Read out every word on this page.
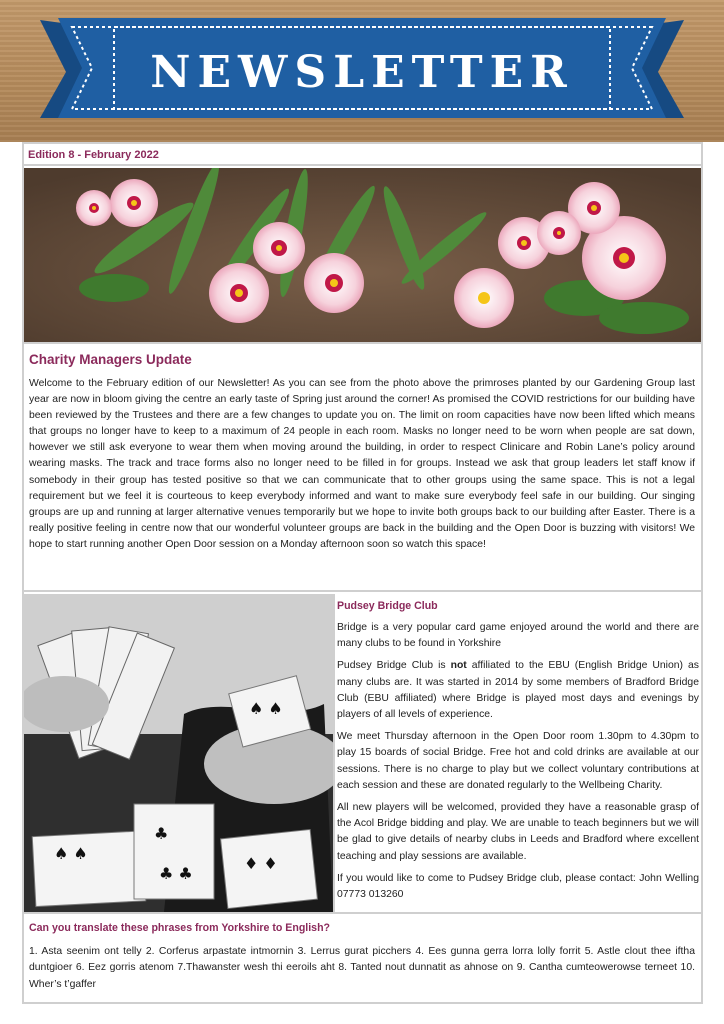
NEWSLETTER
Edition 8 - February 2022
Charity Managers Update

Welcome to the February edition of our Newsletter! As you can see from the photo above the primroses planted by our Gardening Group last year are now in bloom giving the centre an early taste of Spring just around the corner! As promised the COVID restrictions for our building have been reviewed by the Trustees and there are a few changes to update you on. The limit on room capacities have now been lifted which means that groups no longer have to keep to a maximum of 24 people in each room. Masks no longer need to be worn when people are sat down, however we still ask everyone to wear them when moving around the building, in order to respect Clinicare and Robin Lane’s policy around wearing masks. The track and trace forms also no longer need to be filled in for groups. Instead we ask that group leaders let staff know if somebody in their group has tested positive so that we can communicate that to other groups using the same space. This is not a legal requirement but we feel it is courteous to keep everybody informed and want to make sure everybody feel safe in our building. Our singing groups are up and running at larger alternative venues temporarily but we hope to invite both groups back to our building after Easter. There is a really positive feeling in centre now that our wonderful volunteer groups are back in the building and the Open Door is buzzing with visitors! We hope to start running another Open Door session on a Monday afternoon soon so watch this space!

♠ ♠
♣
♣ ♣
♦ ♦
♠ ♠
Pudsey Bridge Club

Bridge is a very popular card game enjoyed around the world and there are many clubs to be found in Yorkshire

Pudsey Bridge Club is not affiliated to the EBU (English Bridge Union) as many clubs are. It was started in 2014 by some members of Bradford Bridge Club (EBU affiliated) where Bridge is played most days and evenings by players of all levels of experience.

We meet Thursday afternoon in the Open Door room 1.30pm to 4.30pm to play 15 boards of social Bridge. Free hot and cold drinks are available at our sessions. There is no charge to play but we collect voluntary contributions at each session and these are donated regularly to the Wellbeing Charity.

All new players will be welcomed, provided they have a reasonable grasp of the Acol Bridge bidding and play. We are unable to teach beginners but we will be glad to give details of nearby clubs in Leeds and Bradford where excellent teaching and play sessions are available.

If you would like to come to Pudsey Bridge club, please contact: John Welling 07773 013260

Can you translate these phrases from Yorkshire to English?

1. Asta seenim ont telly 2. Corferus arpastate intmornin 3. Lerrus gurat picchers 4. Ees gunna gerra lorra lolly forrit 5. Astle clout thee iftha duntgioer 6. Eez gorris atenom 7.Thawanster wesh thi eeroils aht 8. Tanted nout dunnatit as ahnose on 9. Cantha cumteowerowse terneet 10. Wher’s t’gaffer
